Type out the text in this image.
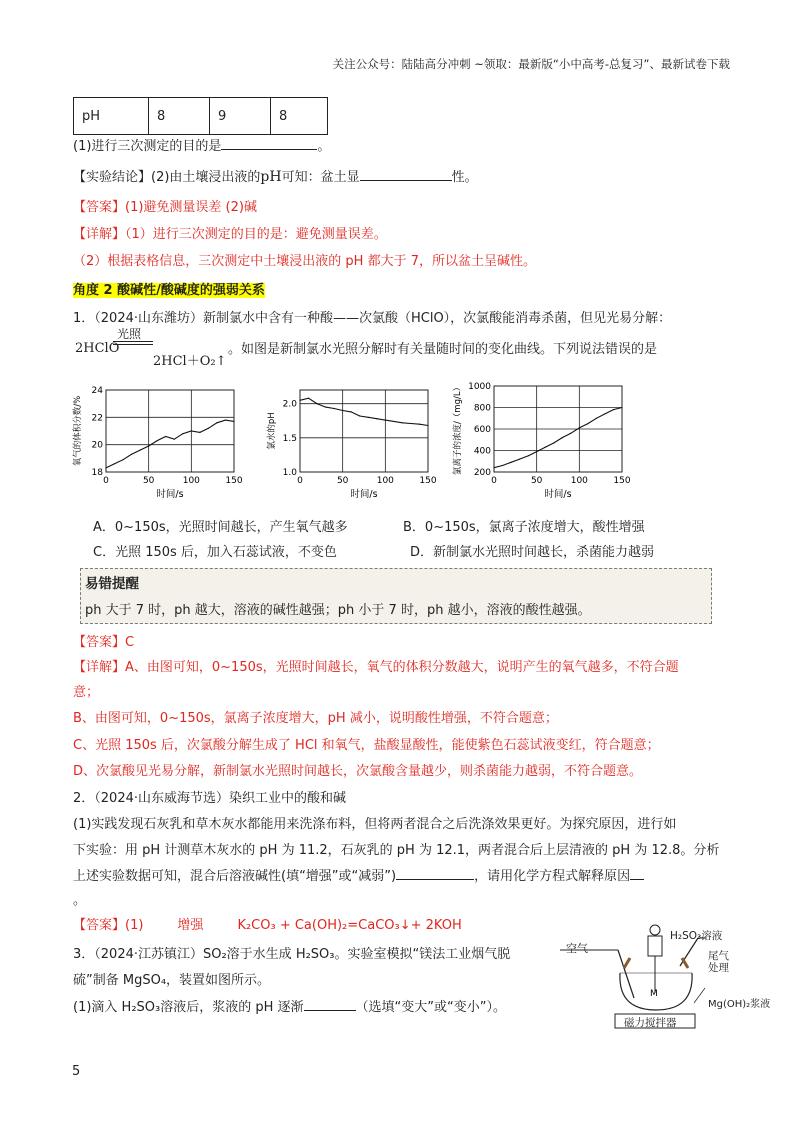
关注公众号：陆陆高分冲刺 ~领取：最新版“小中高考-总复习”、最新试卷下载
pH	8	9	8
(1)进行三次测定的目的是	。
【实验结论】(2)由土壤浸出液的pH可知：盆土显	性。
【答案】(1)避免测量误差 (2)碱
【详解】（1）进行三次测定的目的是：避免测量误差。
（2）根据表格信息，三次测定中土壤浸出液的 pH 都大于 7，所以盆土呈碱性。
角度 2 酸碱性/酸碱度的强弱关系
1．（2024·山东潍坊）新制氯水中含有一种酸——次氯酸（HClO），次氯酸能消毒杀菌，但见光易分解：
2HClO
光照
2HCl＋O₂↑
。如图是新制氯水光照分解时有关量随时间的变化曲线。下列说法错误的是
0	50	100	150
18
20
22
24
时间/s
氧气的体积分数/%
0	50	100	150
1.0
1.5
2.0
时间/s
氯水的pH
0	50	100	150
200
400
600
800
1000
时间/s
氯离子的浓度/（mg/L）
A．0~150s，光照时间越长，产生氧气越多	B．0~150s，氯离子浓度增大，酸性增强
C．光照 150s 后，加入石蕊试液，不变色	D．新制氯水光照时间越长，杀菌能力越弱
易错提醒
ph 大于 7 时，ph 越大，溶液的碱性越强；ph 小于 7 时，ph 越小，溶液的酸性越强。
【答案】C
【详解】A、由图可知，0~150s，光照时间越长，氧气的体积分数越大，说明产生的氧气越多，不符合题
意；
B、由图可知，0~150s，氯离子浓度增大，pH 减小，说明酸性增强，不符合题意；
C、光照 150s 后，次氯酸分解生成了 HCl 和氧气，盐酸显酸性，能使紫色石蕊试液变红，符合题意；
D、次氯酸见光易分解，新制氯水光照时间越长，次氯酸含量越少，则杀菌能力越弱，不符合题意。
2．（2024·山东威海节选）染织工业中的酸和碱
(1)实践发现石灰乳和草木灰水都能用来洗涤布料，但将两者混合之后洗涤效果更好。为探究原因，进行如
下实验：用 pH 计测草木灰水的 pH 为 11.2，石灰乳的 pH 为 12.1，两者混合后上层清液的 pH 为 12.8。分析
上述实验数据可知，混合后溶液碱性(填“增强”或“减弱”)	，请用化学方程式解释原因
。
【答案】(1)	增强	K₂CO₃ + Ca(OH)₂=CaCO₃↓+ 2KOH
3．（2024·江苏镇江）SO₂溶于水生成 H₂SO₃。实验室模拟“镁法工业烟气脱
硫”制备 MgSO₄，装置如图所示。
(1)滴入 H₂SO₃溶液后，浆液的 pH 逐渐	（选填“变大”或“变小”）。
M
空气
H₂SO₃溶液
尾气
处理
Mg(OH)₂浆液
磁力搅拌器
5
